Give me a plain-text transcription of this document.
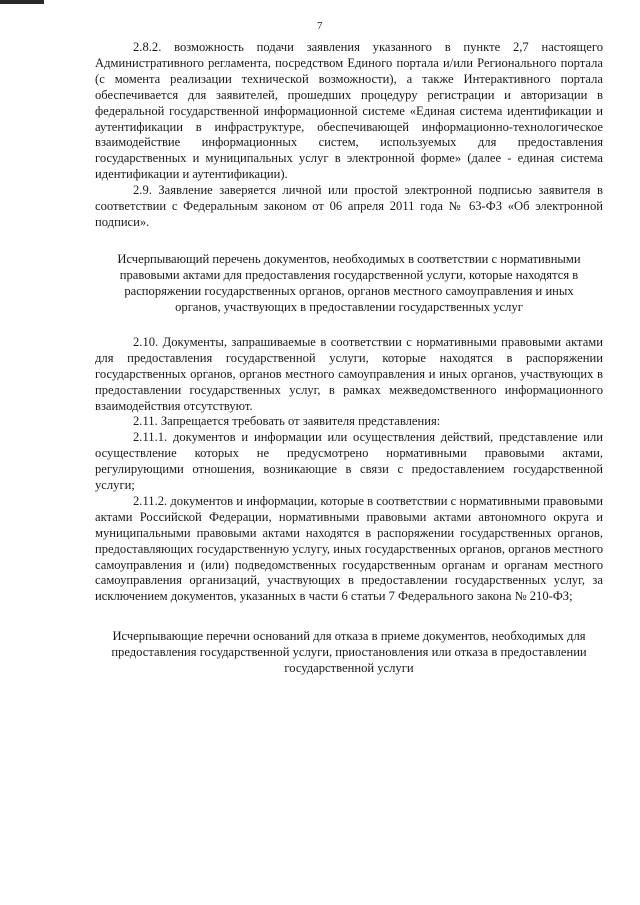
7

2.8.2. возможность подачи заявления указанного в пункте 2,7 настоящего Административного регламента, посредством Единого портала и/или Регионального портала (с момента реализации технической возможности), а также Интерактивного портала обеспечивается для заявителей, прошедших процедуру регистрации и авторизации в федеральной государственной информационной системе «Единая система идентификации и аутентификации в инфраструктуре, обеспечивающей информационно-технологическое взаимодействие информационных систем, используемых для предоставления государственных и муниципальных услуг в электронной форме» (далее - единая система идентификации и аутентификации).

2.9. Заявление заверяется личной или простой электронной подписью заявителя в соответствии с Федеральным законом от 06 апреля 2011 года № 63-ФЗ «Об электронной подписи».

Исчерпывающий перечень документов, необходимых в соответствии с нормативными правовыми актами для предоставления государственной услуги, которые находятся в распоряжении государственных органов, органов местного самоуправления и иных органов, участвующих в предоставлении государственных услуг

2.10. Документы, запрашиваемые в соответствии с нормативными правовыми актами для предоставления государственной услуги, которые находятся в распоряжении государственных органов, органов местного самоуправления и иных органов, участвующих в предоставлении государственных услуг, в рамках межведомственного информационного взаимодействия отсутствуют.

2.11. Запрещается требовать от заявителя представления:

2.11.1. документов и информации или осуществления действий, представление или осуществление которых не предусмотрено нормативными правовыми актами, регулирующими отношения, возникающие в связи с предоставлением государственной услуги;

2.11.2. документов и информации, которые в соответствии с нормативными правовыми актами Российской Федерации, нормативными правовыми актами автономного округа и муниципальными правовыми актами находятся в распоряжении государственных органов, предоставляющих государственную услугу, иных государственных органов, органов местного самоуправления и (или) подведомственных государственным органам и органам местного самоуправления организаций, участвующих в предоставлении государственных услуг, за исключением документов, указанных в части 6 статьи 7 Федерального закона № 210-ФЗ;

Исчерпывающие перечни оснований для отказа в приеме документов, необходимых для предоставления государственной услуги, приостановления или отказа в предоставлении государственной услуги
